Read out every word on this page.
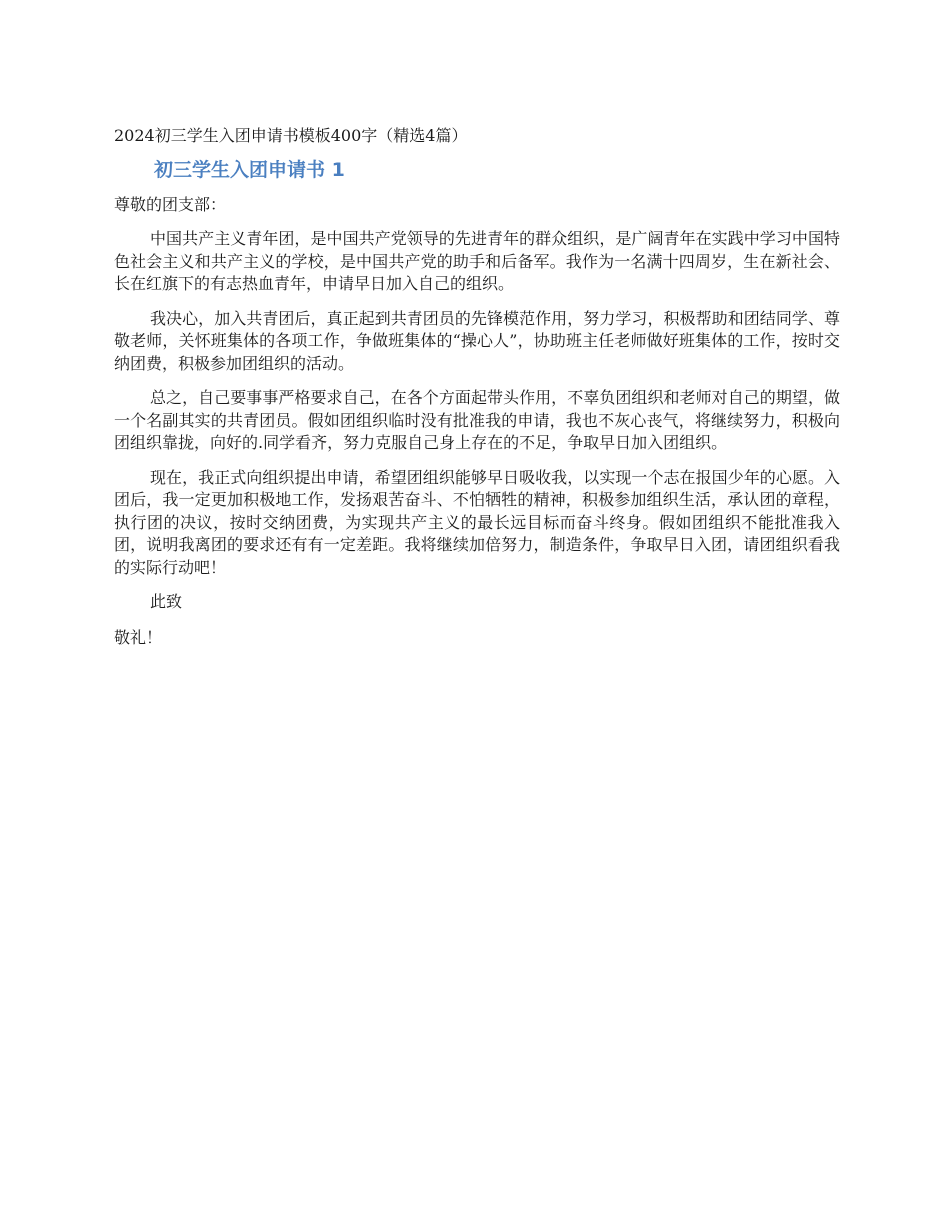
2024初三学生入团申请书模板400字（精选4篇）
初三学生入团申请书 1
尊敬的团支部：

中国共产主义青年团，是中国共产党领导的先进青年的群众组织，是广阔青年在实践中学习中国特色社会主义和共产主义的学校，是中国共产党的助手和后备军。我作为一名满十四周岁，生在新社会、长在红旗下的有志热血青年，申请早日加入自己的组织。

我决心，加入共青团后，真正起到共青团员的先锋模范作用，努力学习，积极帮助和团结同学、尊敬老师，关怀班集体的各项工作，争做班集体的“操心人”，协助班主任老师做好班集体的工作，按时交纳团费，积极参加团组织的活动。

总之，自己要事事严格要求自己，在各个方面起带头作用，不辜负团组织和老师对自己的期望，做一个名副其实的共青团员。假如团组织临时没有批准我的申请，我也不灰心丧气，将继续努力，积极向团组织靠拢，向好的.同学看齐，努力克服自己身上存在的不足，争取早日加入团组织。

现在，我正式向组织提出申请，希望团组织能够早日吸收我，以实现一个志在报国少年的心愿。入团后，我一定更加积极地工作，发扬艰苦奋斗、不怕牺牲的精神，积极参加组织生活，承认团的章程，执行团的决议，按时交纳团费，为实现共产主义的最长远目标而奋斗终身。假如团组织不能批准我入团，说明我离团的要求还有有一定差距。我将继续加倍努力，制造条件，争取早日入团，请团组织看我的实际行动吧！

此致
敬礼！
